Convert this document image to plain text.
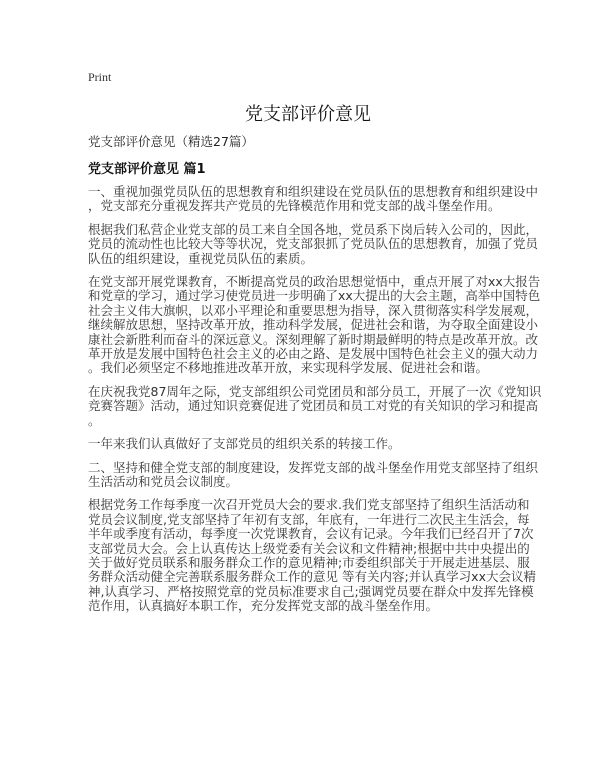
Print
党支部评价意见
党支部评价意见（精选27篇）
党支部评价意见 篇1
一、重视加强党员队伍的思想教育和组织建设在党员队伍的思想教育和组织建设中
，党支部充分重视发挥共产党员的先锋模范作用和党支部的战斗堡垒作用。
根据我们私营企业党支部的员工来自全国各地，党员系下岗后转入公司的，因此，
党员的流动性也比较大等等状况，党支部狠抓了党员队伍的思想教育，加强了党员
队伍的组织建设，重视党员队伍的素质。
在党支部开展党课教育，不断提高党员的政治思想觉悟中，重点开展了对xx大报告
和党章的学习，通过学习使党员进一步明确了xx大提出的大会主题，高举中国特色
社会主义伟大旗帜，以邓小平理论和重要思想为指导，深入贯彻落实科学发展观，
继续解放思想，坚持改革开放，推动科学发展，促进社会和谐，为夺取全面建设小
康社会新胜利而奋斗的深远意义。深刻理解了新时期最鲜明的特点是改革开放。改
革开放是发展中国特色社会主义的必由之路、是发展中国特色社会主义的强大动力
。我们必须坚定不移地推进改革开放，来实现科学发展、促进社会和谐。
在庆祝我党87周年之际，党支部组织公司党团员和部分员工，开展了一次《党知识
竞赛答题》活动，通过知识竞赛促进了党团员和员工对党的有关知识的学习和提高
。
一年来我们认真做好了支部党员的组织关系的转接工作。
二、坚持和健全党支部的制度建设，发挥党支部的战斗堡垒作用党支部坚持了组织
生活活动和党员会议制度。
根据党务工作每季度一次召开党员大会的要求.我们党支部坚持了组织生活活动和
党员会议制度,党支部坚持了年初有支部，年底有，一年进行二次民主生活会，每
半年或季度有活动，每季度一次党课教育，会议有记录。今年我们已经召开了7次
支部党员大会。会上认真传达上级党委有关会议和文件精神;根据中共中央提出的
关于做好党员联系和服务群众工作的意见精神;市委组织部关于开展走进基层、服
务群众活动健全完善联系服务群众工作的意见 等有关内容;并认真学习xx大会议精
神,认真学习、严格按照党章的党员标准要求自己;强调党员要在群众中发挥先锋模
范作用，认真搞好本职工作，充分发挥党支部的战斗堡垒作用。
